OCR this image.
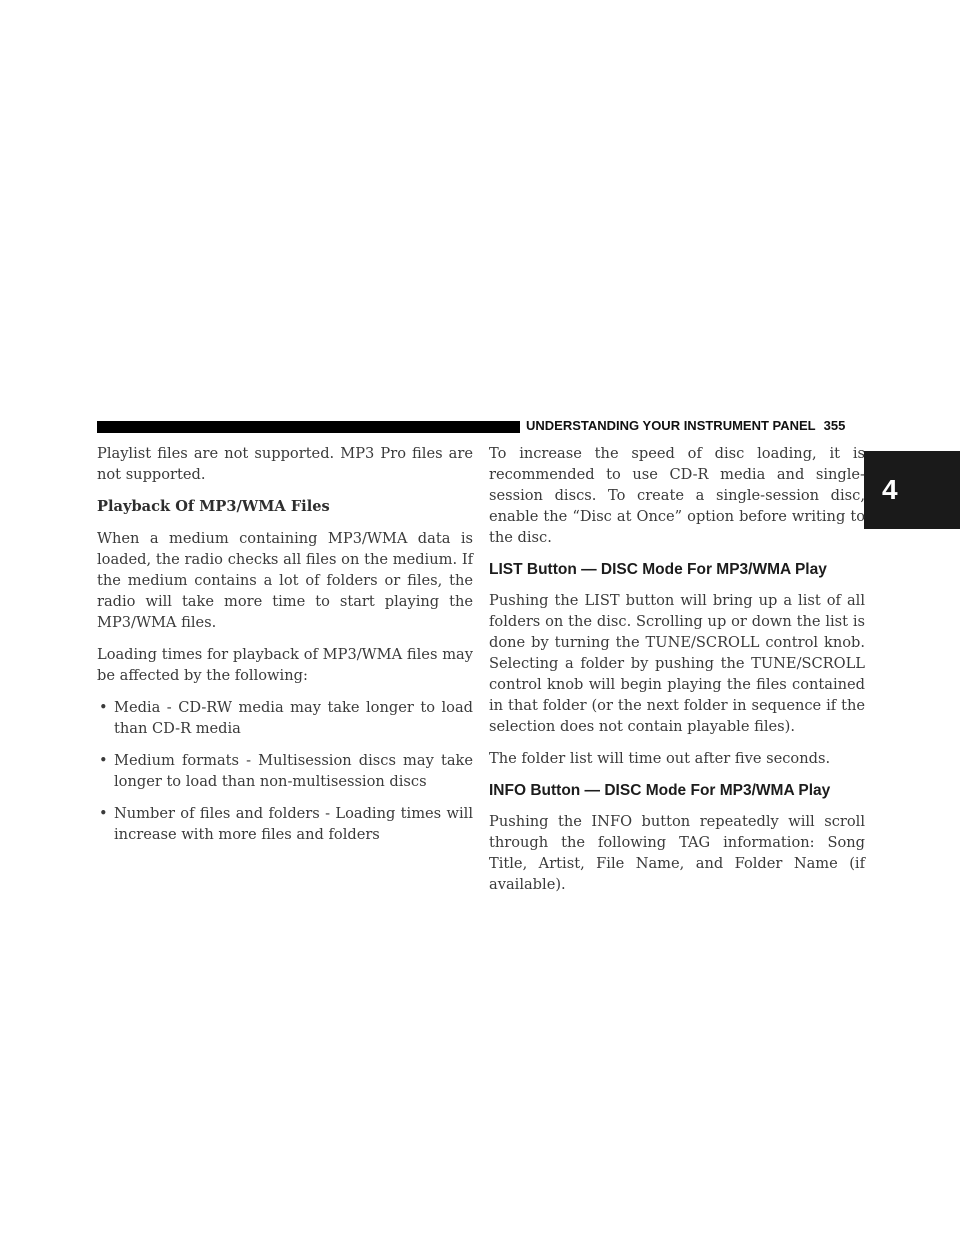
UNDERSTANDING YOUR INSTRUMENT PANEL 355
4

Playlist files are not supported. MP3 Pro files are not supported.

Playback Of MP3/WMA Files

When a medium containing MP3/WMA data is loaded, the radio checks all files on the medium. If the medium contains a lot of folders or files, the radio will take more time to start playing the MP3/WMA files.

Loading times for playback of MP3/WMA files may be affected by the following:

• Media - CD-RW media may take longer to load than CD-R media
• Medium formats - Multisession discs may take longer to load than non-multisession discs
• Number of files and folders - Loading times will increase with more files and folders

To increase the speed of disc loading, it is recommended to use CD-R media and single-session discs. To create a single-session disc, enable the “Disc at Once” option before writing to the disc.

LIST Button — DISC Mode For MP3/WMA Play

Pushing the LIST button will bring up a list of all folders on the disc. Scrolling up or down the list is done by turning the TUNE/SCROLL control knob. Selecting a folder by pushing the TUNE/SCROLL control knob will begin playing the files contained in that folder (or the next folder in sequence if the selection does not contain playable files).

The folder list will time out after five seconds.

INFO Button — DISC Mode For MP3/WMA Play

Pushing the INFO button repeatedly will scroll through the following TAG information: Song Title, Artist, File Name, and Folder Name (if available).
